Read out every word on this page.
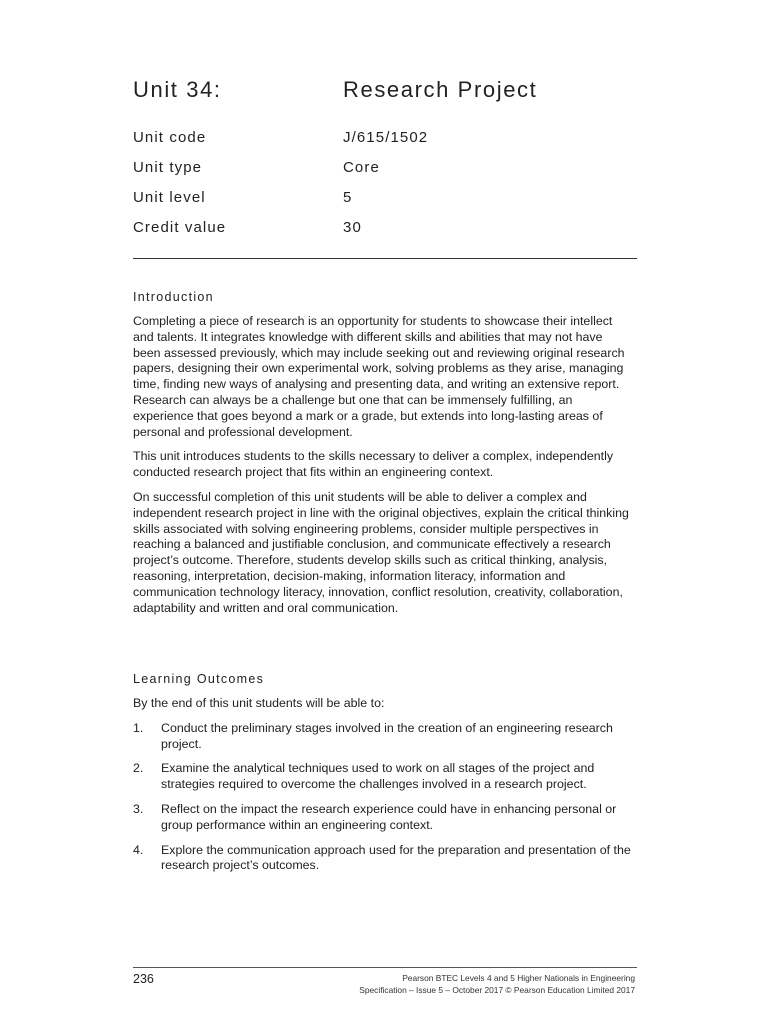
Unit 34:	Research Project
Unit code	J/615/1502
Unit type	Core
Unit level	5
Credit value	30
Introduction

Completing a piece of research is an opportunity for students to showcase their intellect and talents. It integrates knowledge with different skills and abilities that may not have been assessed previously, which may include seeking out and reviewing original research papers, designing their own experimental work, solving problems as they arise, managing time, finding new ways of analysing and presenting data, and writing an extensive report. Research can always be a challenge but one that can be immensely fulfilling, an experience that goes beyond a mark or a grade, but extends into long-lasting areas of personal and professional development.

This unit introduces students to the skills necessary to deliver a complex, independently conducted research project that fits within an engineering context.

On successful completion of this unit students will be able to deliver a complex and independent research project in line with the original objectives, explain the critical thinking skills associated with solving engineering problems, consider multiple perspectives in reaching a balanced and justifiable conclusion, and communicate effectively a research project’s outcome. Therefore, students develop skills such as critical thinking, analysis, reasoning, interpretation, decision-making, information literacy, information and communication technology literacy, innovation, conflict resolution, creativity, collaboration, adaptability and written and oral communication.

Learning Outcomes

By the end of this unit students will be able to:

1. Conduct the preliminary stages involved in the creation of an engineering research project.
2. Examine the analytical techniques used to work on all stages of the project and strategies required to overcome the challenges involved in a research project.
3. Reflect on the impact the research experience could have in enhancing personal or group performance within an engineering context.
4. Explore the communication approach used for the preparation and presentation of the research project’s outcomes.
236	Pearson BTEC Levels 4 and 5 Higher Nationals in Engineering
Specification – Issue 5 – October 2017 © Pearson Education Limited 2017
